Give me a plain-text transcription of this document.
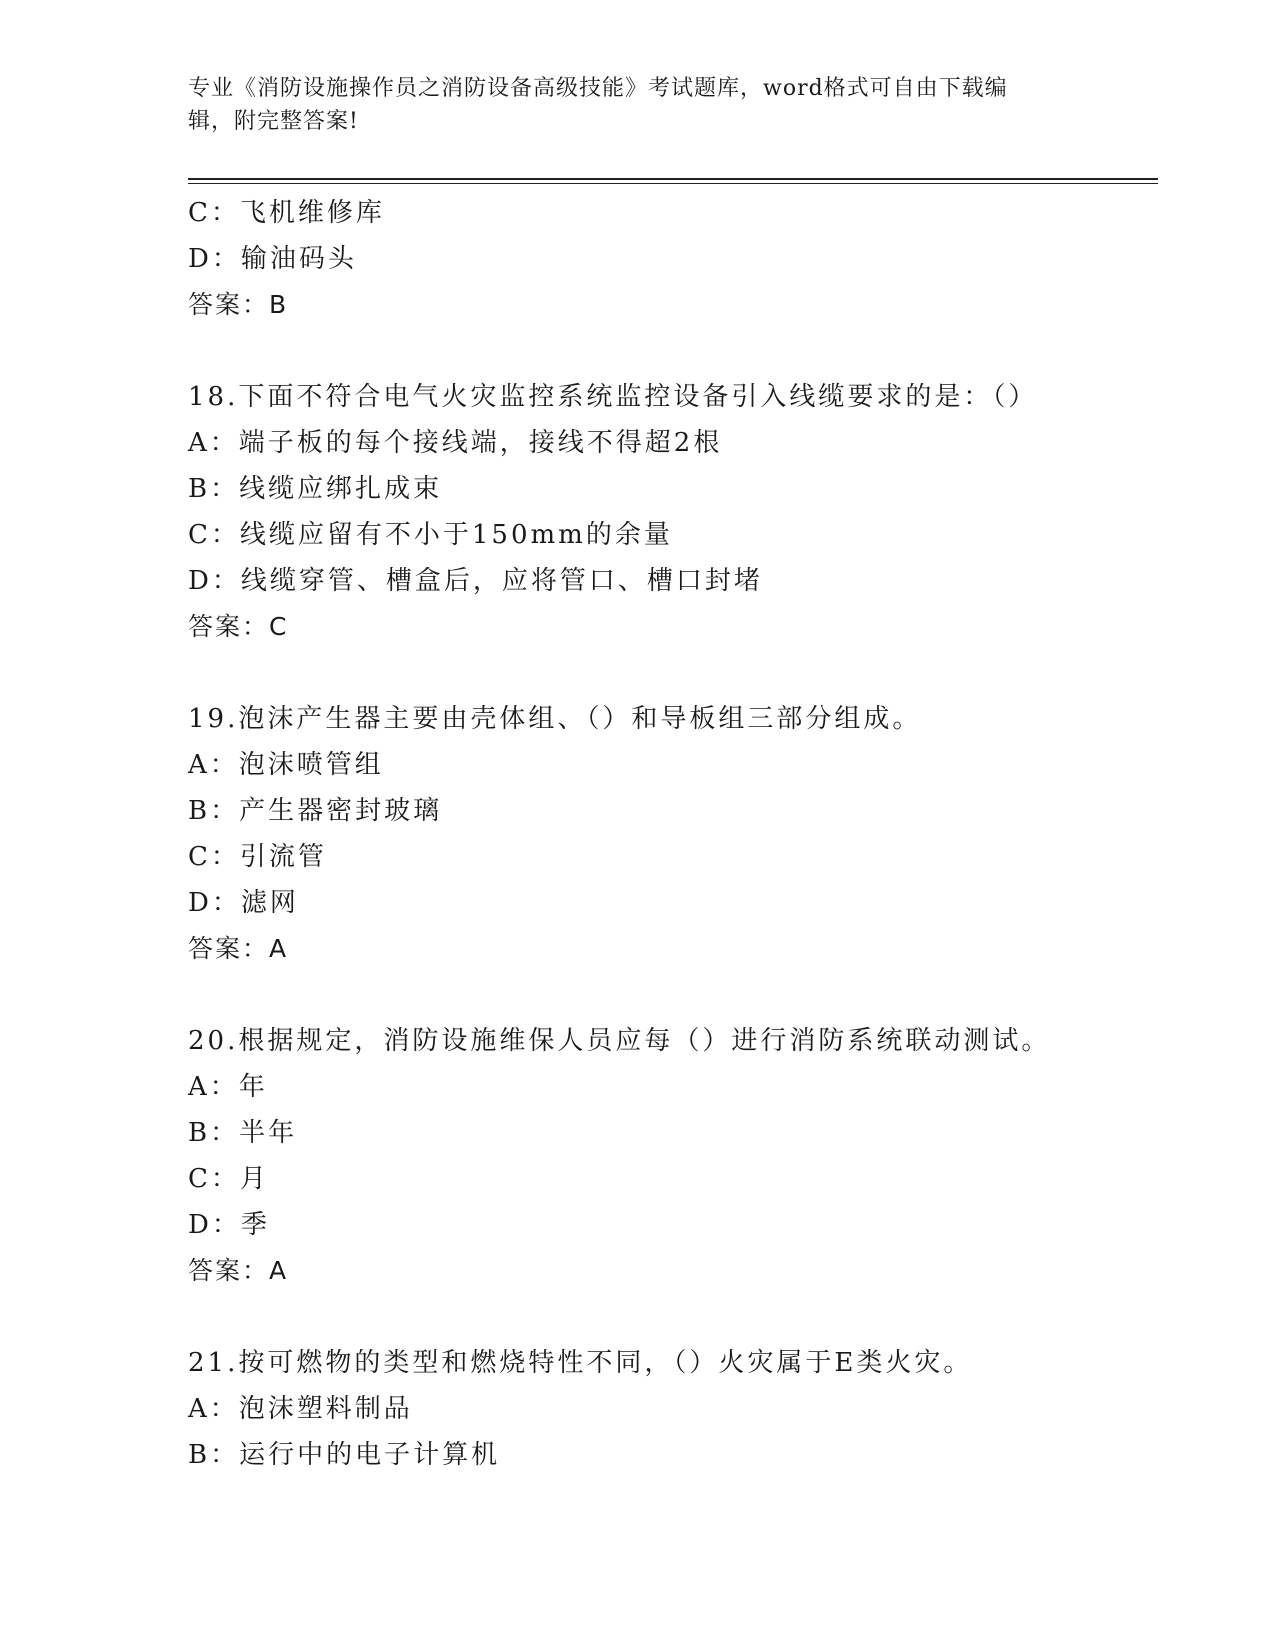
专业《消防设施操作员之消防设备高级技能》考试题库，word格式可自由下载编
辑，附完整答案!
C：飞机维修库
D：输油码头
答案：B
18.下面不符合电气火灾监控系统监控设备引入线缆要求的是：（）
A：端子板的每个接线端，接线不得超2根
B：线缆应绑扎成束
C：线缆应留有不小于150mm的余量
D：线缆穿管、槽盒后，应将管口、槽口封堵
答案：C
19.泡沫产生器主要由壳体组、（）和导板组三部分组成。
A：泡沫喷管组
B：产生器密封玻璃
C：引流管
D：滤网
答案：A
20.根据规定，消防设施维保人员应每（）进行消防系统联动测试。
A：年
B：半年
C：月
D：季
答案：A
21.按可燃物的类型和燃烧特性不同，（）火灾属于E类火灾。
A：泡沫塑料制品
B：运行中的电子计算机
